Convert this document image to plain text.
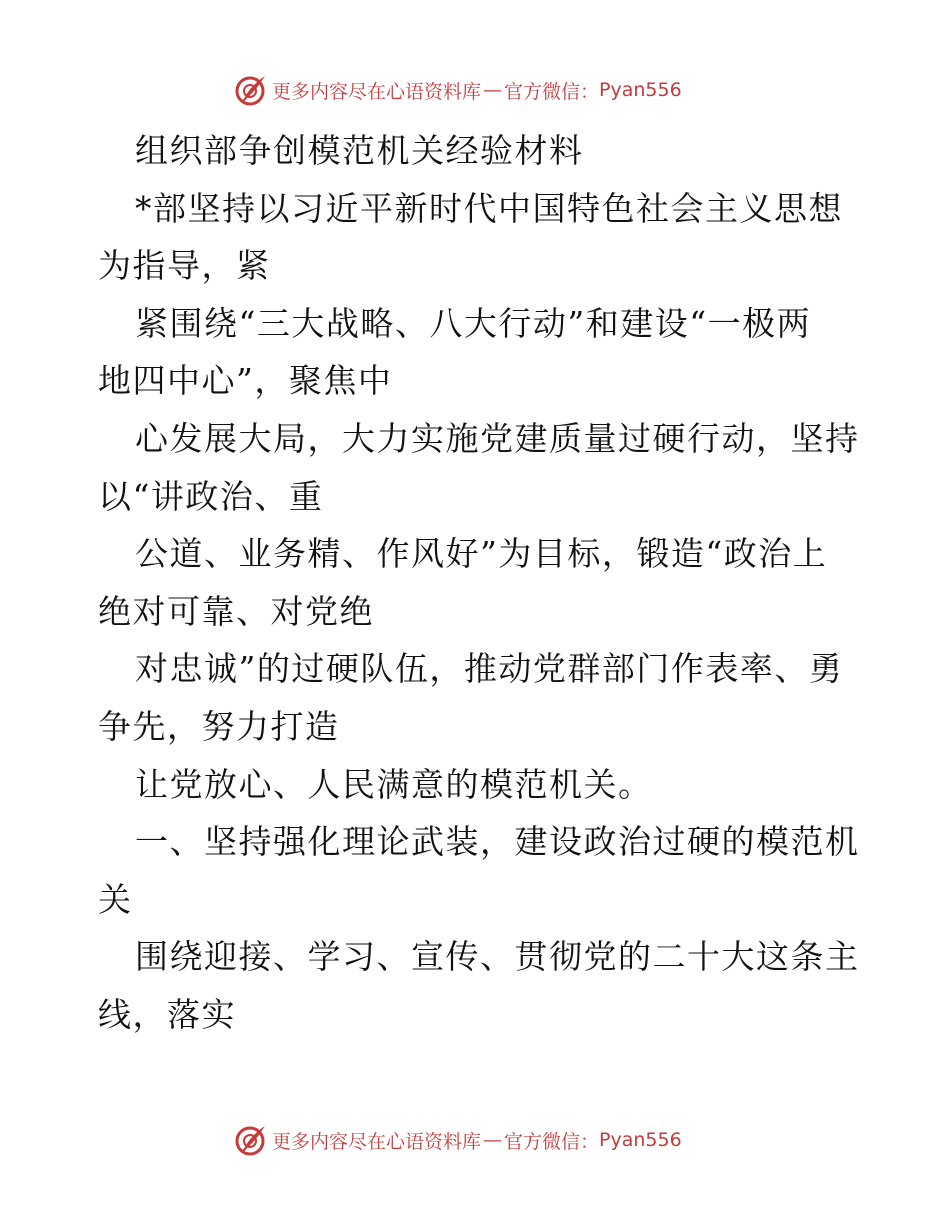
更多内容尽在心语资料库 — 官方微信： Pyan556
组织部争创模范机关经验材料
*部坚持以习近平新时代中国特色社会主义思想
为指导，紧
紧围绕“三大战略、八大行动”和建设“一极两
地四中心”，聚焦中
心发展大局，大力实施党建质量过硬行动，坚持
以“讲政治、重
公道、业务精、作风好”为目标，锻造“政治上
绝对可靠、对党绝
对忠诚”的过硬队伍，推动党群部门作表率、勇
争先，努力打造
让党放心、人民满意的模范机关。
一、坚持强化理论武装，建设政治过硬的模范机
关
围绕迎接、学习、宣传、贯彻党的二十大这条主
线，落实
更多内容尽在心语资料库 — 官方微信： Pyan556
